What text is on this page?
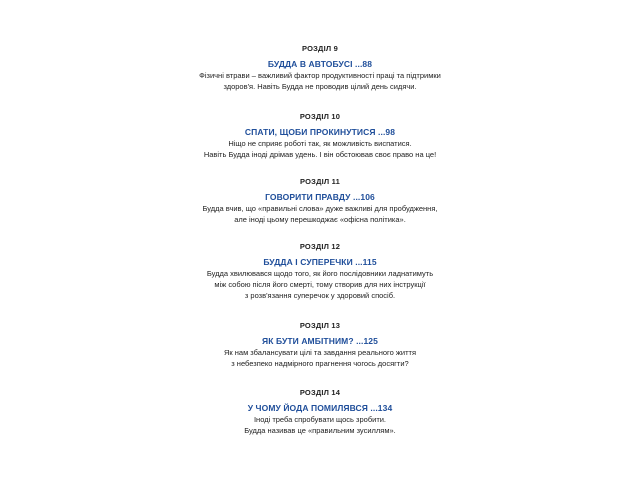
РОЗДІЛ 9
БУДДА В АВТОБУСІ ...88
Фізичні втрави – важливий фактор продуктивності праці та підтримки
здоров'я. Навіть Будда не проводив цілий день сидячи.
РОЗДІЛ 10
СПАТИ, ЩОБИ ПРОКИНУТИСЯ ...98
Ніщо не сприяє роботі так, як можливість виспатися.
Навіть Будда іноді дрімав удень. І він обстоював своє право на це!
РОЗДІЛ 11
ГОВОРИТИ ПРАВДУ ...106
Будда вчив, що «правильні слова» дуже важливі для пробудження,
але іноді цьому перешкоджає «офісна політика».
РОЗДІЛ 12
БУДДА І СУПЕРЕЧКИ ...115
Будда хвилювався щодо того, як його послідовники ладнатимуть
між собою після його смерті, тому створив для них інструкції
з розв'язання суперечок у здоровий спосіб.
РОЗДІЛ 13
ЯК БУТИ АМБІТНИМ? ...125
Як нам збалансувати цілі та завдання реального життя
з небезпеко надмірного прагнення чогось досягти?
РОЗДІЛ 14
У ЧОМУ ЙОДА ПОМИЛЯВСЯ ...134
Іноді треба спробувати щось зробити.
Будда називав це «правильним зусиллям».
